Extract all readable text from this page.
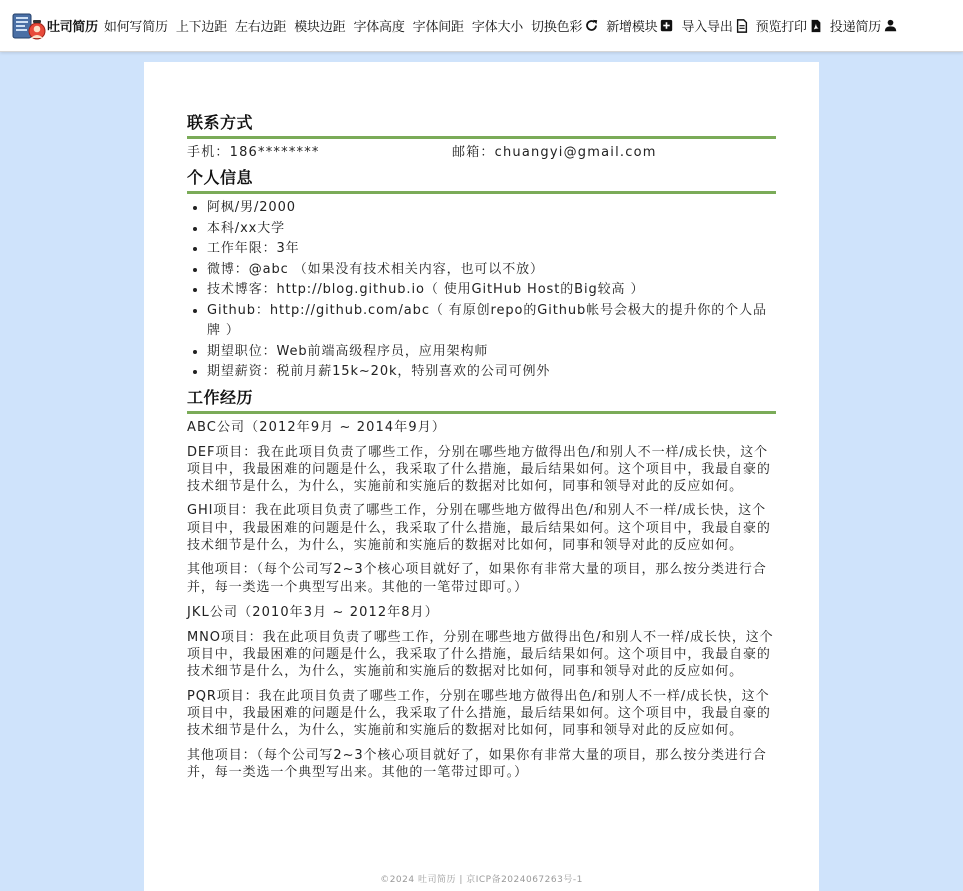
吐司简历 如何写简历 上下边距 左右边距 模块边距 字体高度 字体间距 字体大小 切换色彩 新增模块 导入导出 预览打印 投递简历
联系方式
手机：186********	邮箱：chuangyi@gmail.com
个人信息
• 阿枫/男/2000
• 本科/xx大学
• 工作年限：3年
• 微博：@abc （如果没有技术相关内容，也可以不放）
• 技术博客：http://blog.github.io（ 使用GitHub Host的Big较高 ）
• Github：http://github.com/abc（ 有原创repo的Github帐号会极大的提升你的个人品牌 ）
• 期望职位：Web前端高级程序员，应用架构师
• 期望薪资：税前月薪15k~20k，特别喜欢的公司可例外
工作经历
ABC公司（2012年9月 ~ 2014年9月）

DEF项目：我在此项目负责了哪些工作，分别在哪些地方做得出色/和别人不一样/成长快，这个项目中，我最困难的问题是什么，我采取了什么措施，最后结果如何。这个项目中，我最自豪的技术细节是什么，为什么，实施前和实施后的数据对比如何，同事和领导对此的反应如何。

GHI项目：我在此项目负责了哪些工作，分别在哪些地方做得出色/和别人不一样/成长快，这个项目中，我最困难的问题是什么，我采取了什么措施，最后结果如何。这个项目中，我最自豪的技术细节是什么，为什么，实施前和实施后的数据对比如何，同事和领导对此的反应如何。

其他项目：（每个公司写2~3个核心项目就好了，如果你有非常大量的项目，那么按分类进行合并，每一类选一个典型写出来。其他的一笔带过即可。）

JKL公司（2010年3月 ~ 2012年8月）

MNO项目：我在此项目负责了哪些工作，分别在哪些地方做得出色/和别人不一样/成长快，这个项目中，我最困难的问题是什么，我采取了什么措施，最后结果如何。这个项目中，我最自豪的技术细节是什么，为什么，实施前和实施后的数据对比如何，同事和领导对此的反应如何。

PQR项目：我在此项目负责了哪些工作，分别在哪些地方做得出色/和别人不一样/成长快，这个项目中，我最困难的问题是什么，我采取了什么措施，最后结果如何。这个项目中，我最自豪的技术细节是什么，为什么，实施前和实施后的数据对比如何，同事和领导对此的反应如何。

其他项目：（每个公司写2~3个核心项目就好了，如果你有非常大量的项目，那么按分类进行合并，每一类选一个典型写出来。其他的一笔带过即可。）

©2024 吐司简历 | 京ICP备2024067263号-1
